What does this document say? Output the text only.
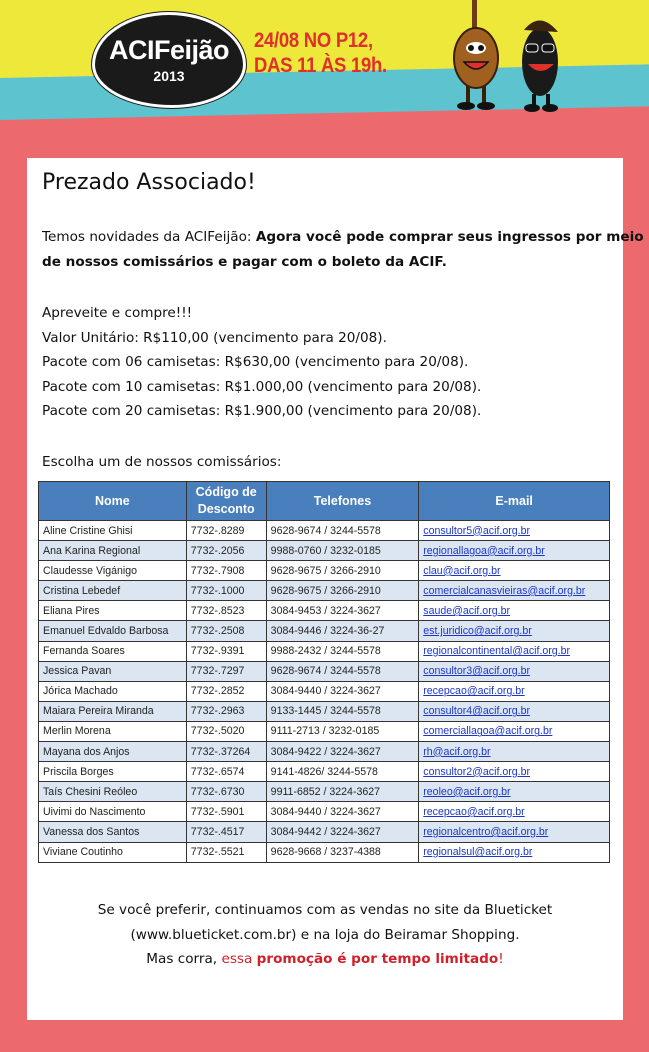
ACIFeijão
2013
24/08 NO P12,
DAS 11 ÀS 19h.
Prezado Associado!
Temos novidades da ACIFeijão: Agora você pode comprar seus ingressos por meio
de nossos comissários e pagar com o boleto da ACIF.
Apreveite e compre!!!
Valor Unitário: R$110,00 (vencimento para 20/08).
Pacote com 06 camisetas: R$630,00 (vencimento para 20/08).
Pacote com 10 camisetas: R$1.000,00 (vencimento para 20/08).
Pacote com 20 camisetas: R$1.900,00 (vencimento para 20/08).
Escolha um de nossos comissários:
Nome	Código de Desconto	Telefones	E-mail
Aline Cristine Ghisi	7732-.8289	9628-9674 / 3244-5578	consultor5@acif.org.br
Ana Karina Regional	7732-.2056	9988-0760 / 3232-0185	regionallagoa@acif.org.br
Claudesse Vigánigo	7732-.7908	9628-9675 / 3266-2910	clau@acif.org.br
Cristina Lebedef	7732-.1000	9628-9675 / 3266-2910	comercialcanasvieiras@acif.org.br
Eliana Pires	7732-.8523	3084-9453 / 3224-3627	saude@acif.org.br
Emanuel Edvaldo Barbosa	7732-.2508	3084-9446 / 3224-36-27	est.juridico@acif.org.br
Fernanda Soares	7732-.9391	9988-2432 / 3244-5578	regionalcontinental@acif.org.br
Jessica Pavan	7732-.7297	9628-9674 / 3244-5578	consultor3@acif.org.br
Jórica Machado	7732-.2852	3084-9440 / 3224-3627	recepcao@acif.org.br
Maiara Pereira Miranda	7732-.2963	9133-1445 / 3244-5578	consultor4@acif.org.br
Merlin Morena	7732-.5020	9111-2713 / 3232-0185	comerciallagoa@acif.org.br
Mayana dos Anjos	7732-.37264	3084-9422 / 3224-3627	rh@acif.org.br
Priscila Borges	7732-.6574	9141-4826/ 3244-5578	consultor2@acif.org.br
Taís Chesini Reóleo	7732-.6730	9911-6852 / 3224-3627	reoleo@acif.org.br
Uivimi do Nascimento	7732-.5901	3084-9440 / 3224-3627	recepcao@acif.org.br
Vanessa dos Santos	7732-.4517	3084-9442 / 3224-3627	regionalcentro@acif.org.br
Viviane Coutinho	7732-.5521	9628-9668 / 3237-4388	regionalsul@acif.org.br
Se você preferir, continuamos com as vendas no site da Blueticket
(www.blueticket.com.br) e na loja do Beiramar Shopping.
Mas corra, essa promoção é por tempo limitado!
